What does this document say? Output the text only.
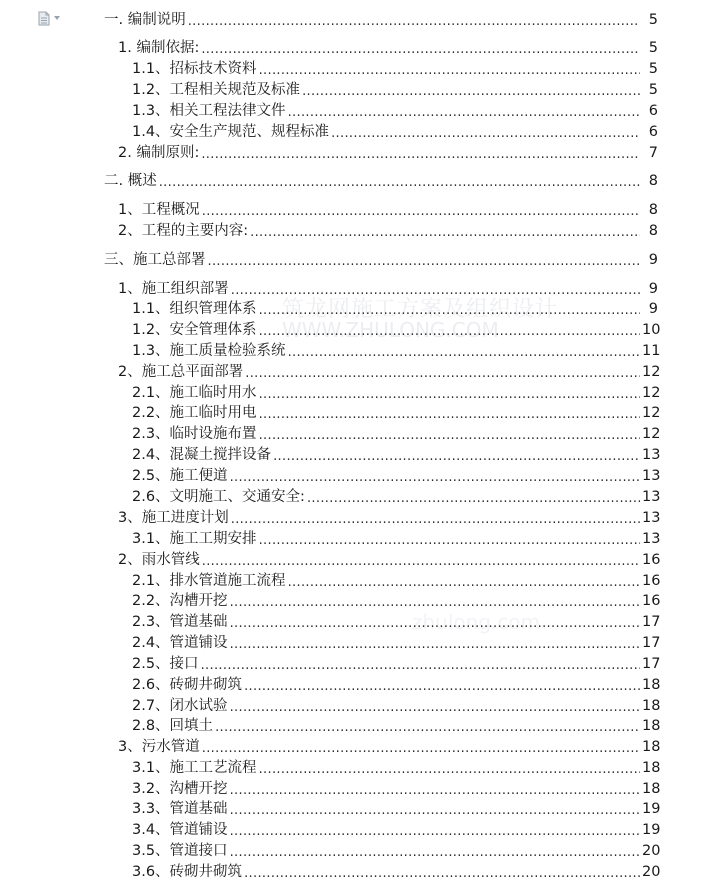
筑龙网施工方案及组织设计
WWW.ZHULONG.COM
zhulong.com
一. 编制说明 . . .	5
1. 编制依据: . . .	5
1.1、招标技术资料 . . .	5
1.2、工程相关规范及标准 . . .	5
1.3、相关工程法律文件 . . .	6
1.4、安全生产规范、规程标准 . . .	6
2. 编制原则: . . .	7
二. 概述 . . .	8
1、工程概况 . . .	8
2、工程的主要内容: . . .	8
三、施工总部署 . . .	9
1、施工组织部署 . . .	9
1.1、组织管理体系 . . .	9
1.2、安全管理体系 . . .	10
1.3、施工质量检验系统 . . .	11
2、施工总平面部署 . . .	12
2.1、施工临时用水 . . .	12
2.2、施工临时用电 . . .	12
2.3、临时设施布置 . . .	12
2.4、混凝土搅拌设备 . . .	13
2.5、施工便道 . . .	13
2.6、文明施工、交通安全: . . .	13
3、施工进度计划 . . .	13
3.1、施工工期安排 . . .	13
2、雨水管线 . . .	16
2.1、排水管道施工流程 . . .	16
2.2、沟槽开挖 . . .	16
2.3、管道基础 . . .	17
2.4、管道铺设 . . .	17
2.5、接口 . . .	17
2.6、砖砌井砌筑 . . .	18
2.7、闭水试验 . . .	18
2.8、回填土 . . .	18
3、污水管道 . . .	18
3.1、施工工艺流程 . . .	18
3.2、沟槽开挖 . . .	18
3.3、管道基础 . . .	19
3.4、管道铺设 . . .	19
3.5、管道接口 . . .	20
3.6、砖砌井砌筑 . . .	20
